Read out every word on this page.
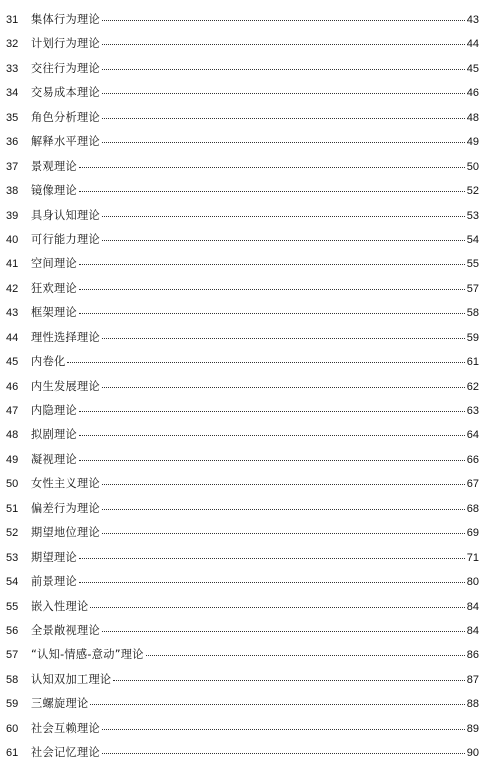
31 集体行为理论	43
32 计划行为理论	44
33 交往行为理论	45
34 交易成本理论	46
35 角色分析理论	48
36 解释水平理论	49
37 景观理论	50
38 镜像理论	52
39 具身认知理论	53
40 可行能力理论	54
41 空间理论	55
42 狂欢理论	57
43 框架理论	58
44 理性选择理论	59
45 内卷化	61
46 内生发展理论	62
47 内隐理论	63
48 拟剧理论	64
49 凝视理论	66
50 女性主义理论	67
51 偏差行为理论	68
52 期望地位理论	69
53 期望理论	71
54 前景理论	80
55 嵌入性理论	84
56 全景敞视理论	84
57 “认知-情感-意动”理论	86
58 认知双加工理论	87
59 三螺旋理论	88
60 社会互赖理论	89
61 社会记忆理论	90
